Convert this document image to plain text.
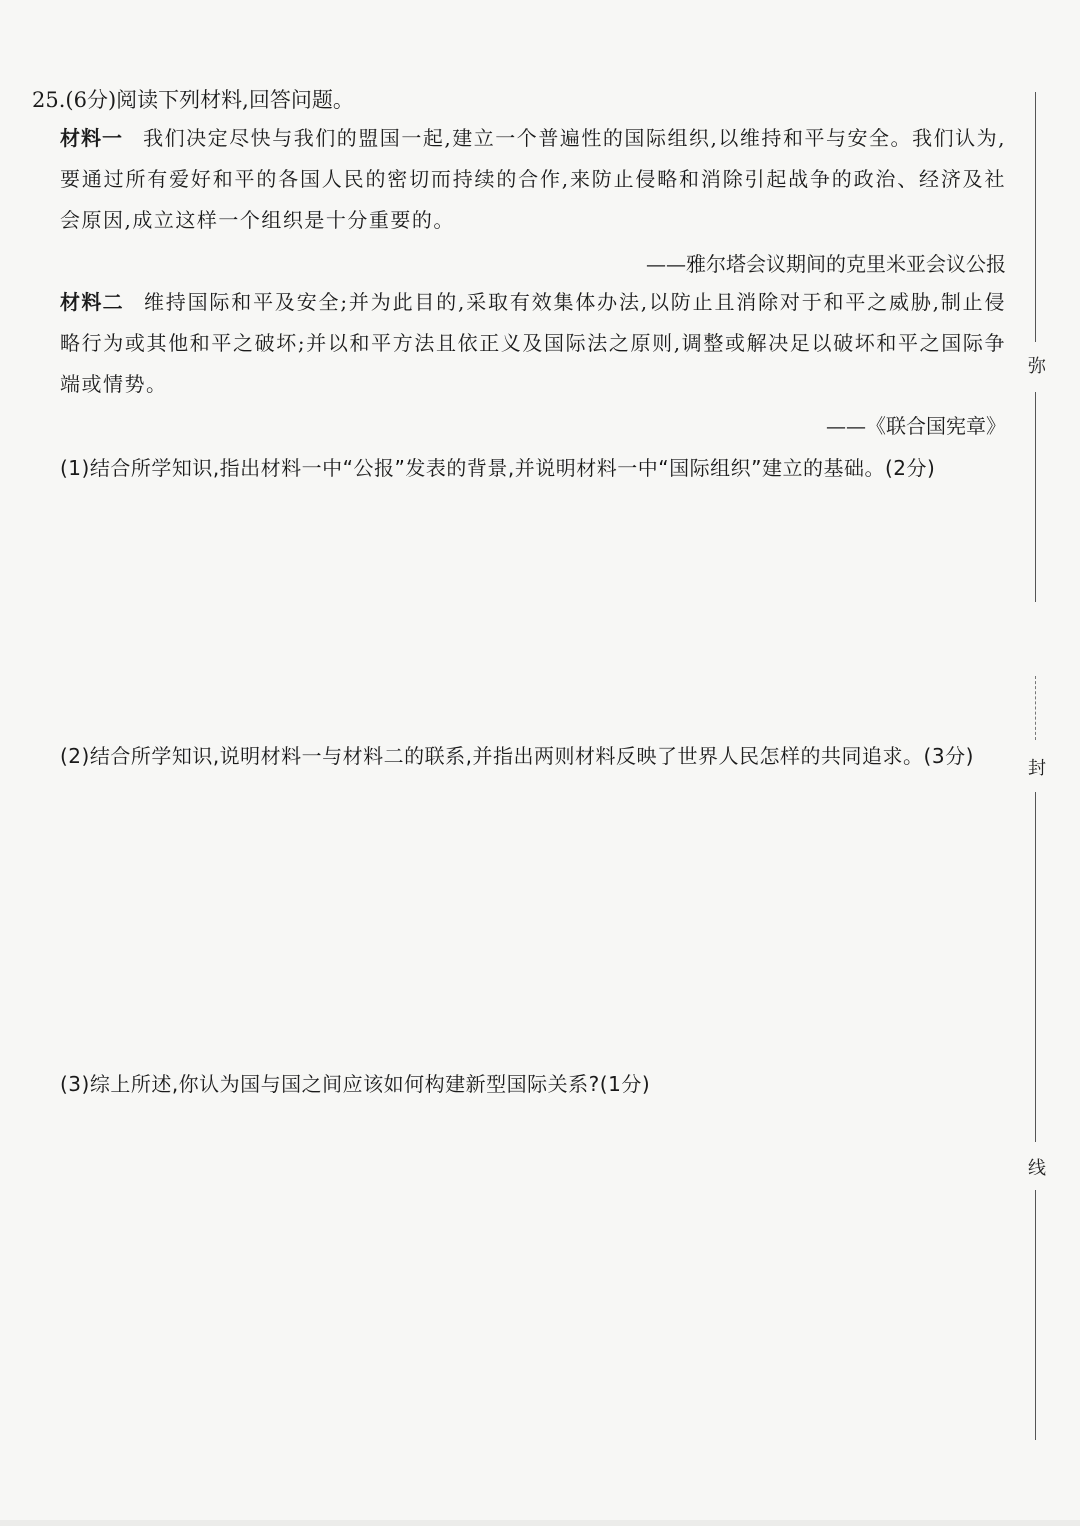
25.(6分)阅读下列材料,回答问题。
材料一 我们决定尽快与我们的盟国一起,建立一个普遍性的国际组织,以维持和平与安全。我们认为,要通过所有爱好和平的各国人民的密切而持续的合作,来防止侵略和消除引起战争的政治、经济及社会原因,成立这样一个组织是十分重要的。
——雅尔塔会议期间的克里米亚会议公报
材料二 维持国际和平及安全;并为此目的,采取有效集体办法,以防止且消除对于和平之威胁,制止侵略行为或其他和平之破坏;并以和平方法且依正义及国际法之原则,调整或解决足以破坏和平之国际争端或情势。
——《联合国宪章》
(1)结合所学知识,指出材料一中“公报”发表的背景,并说明材料一中“国际组织”建立的基础。(2分)
(2)结合所学知识,说明材料一与材料二的联系,并指出两则材料反映了世界人民怎样的共同追求。(3分)
(3)综上所述,你认为国与国之间应该如何构建新型国际关系?(1分)
弥
封
线
